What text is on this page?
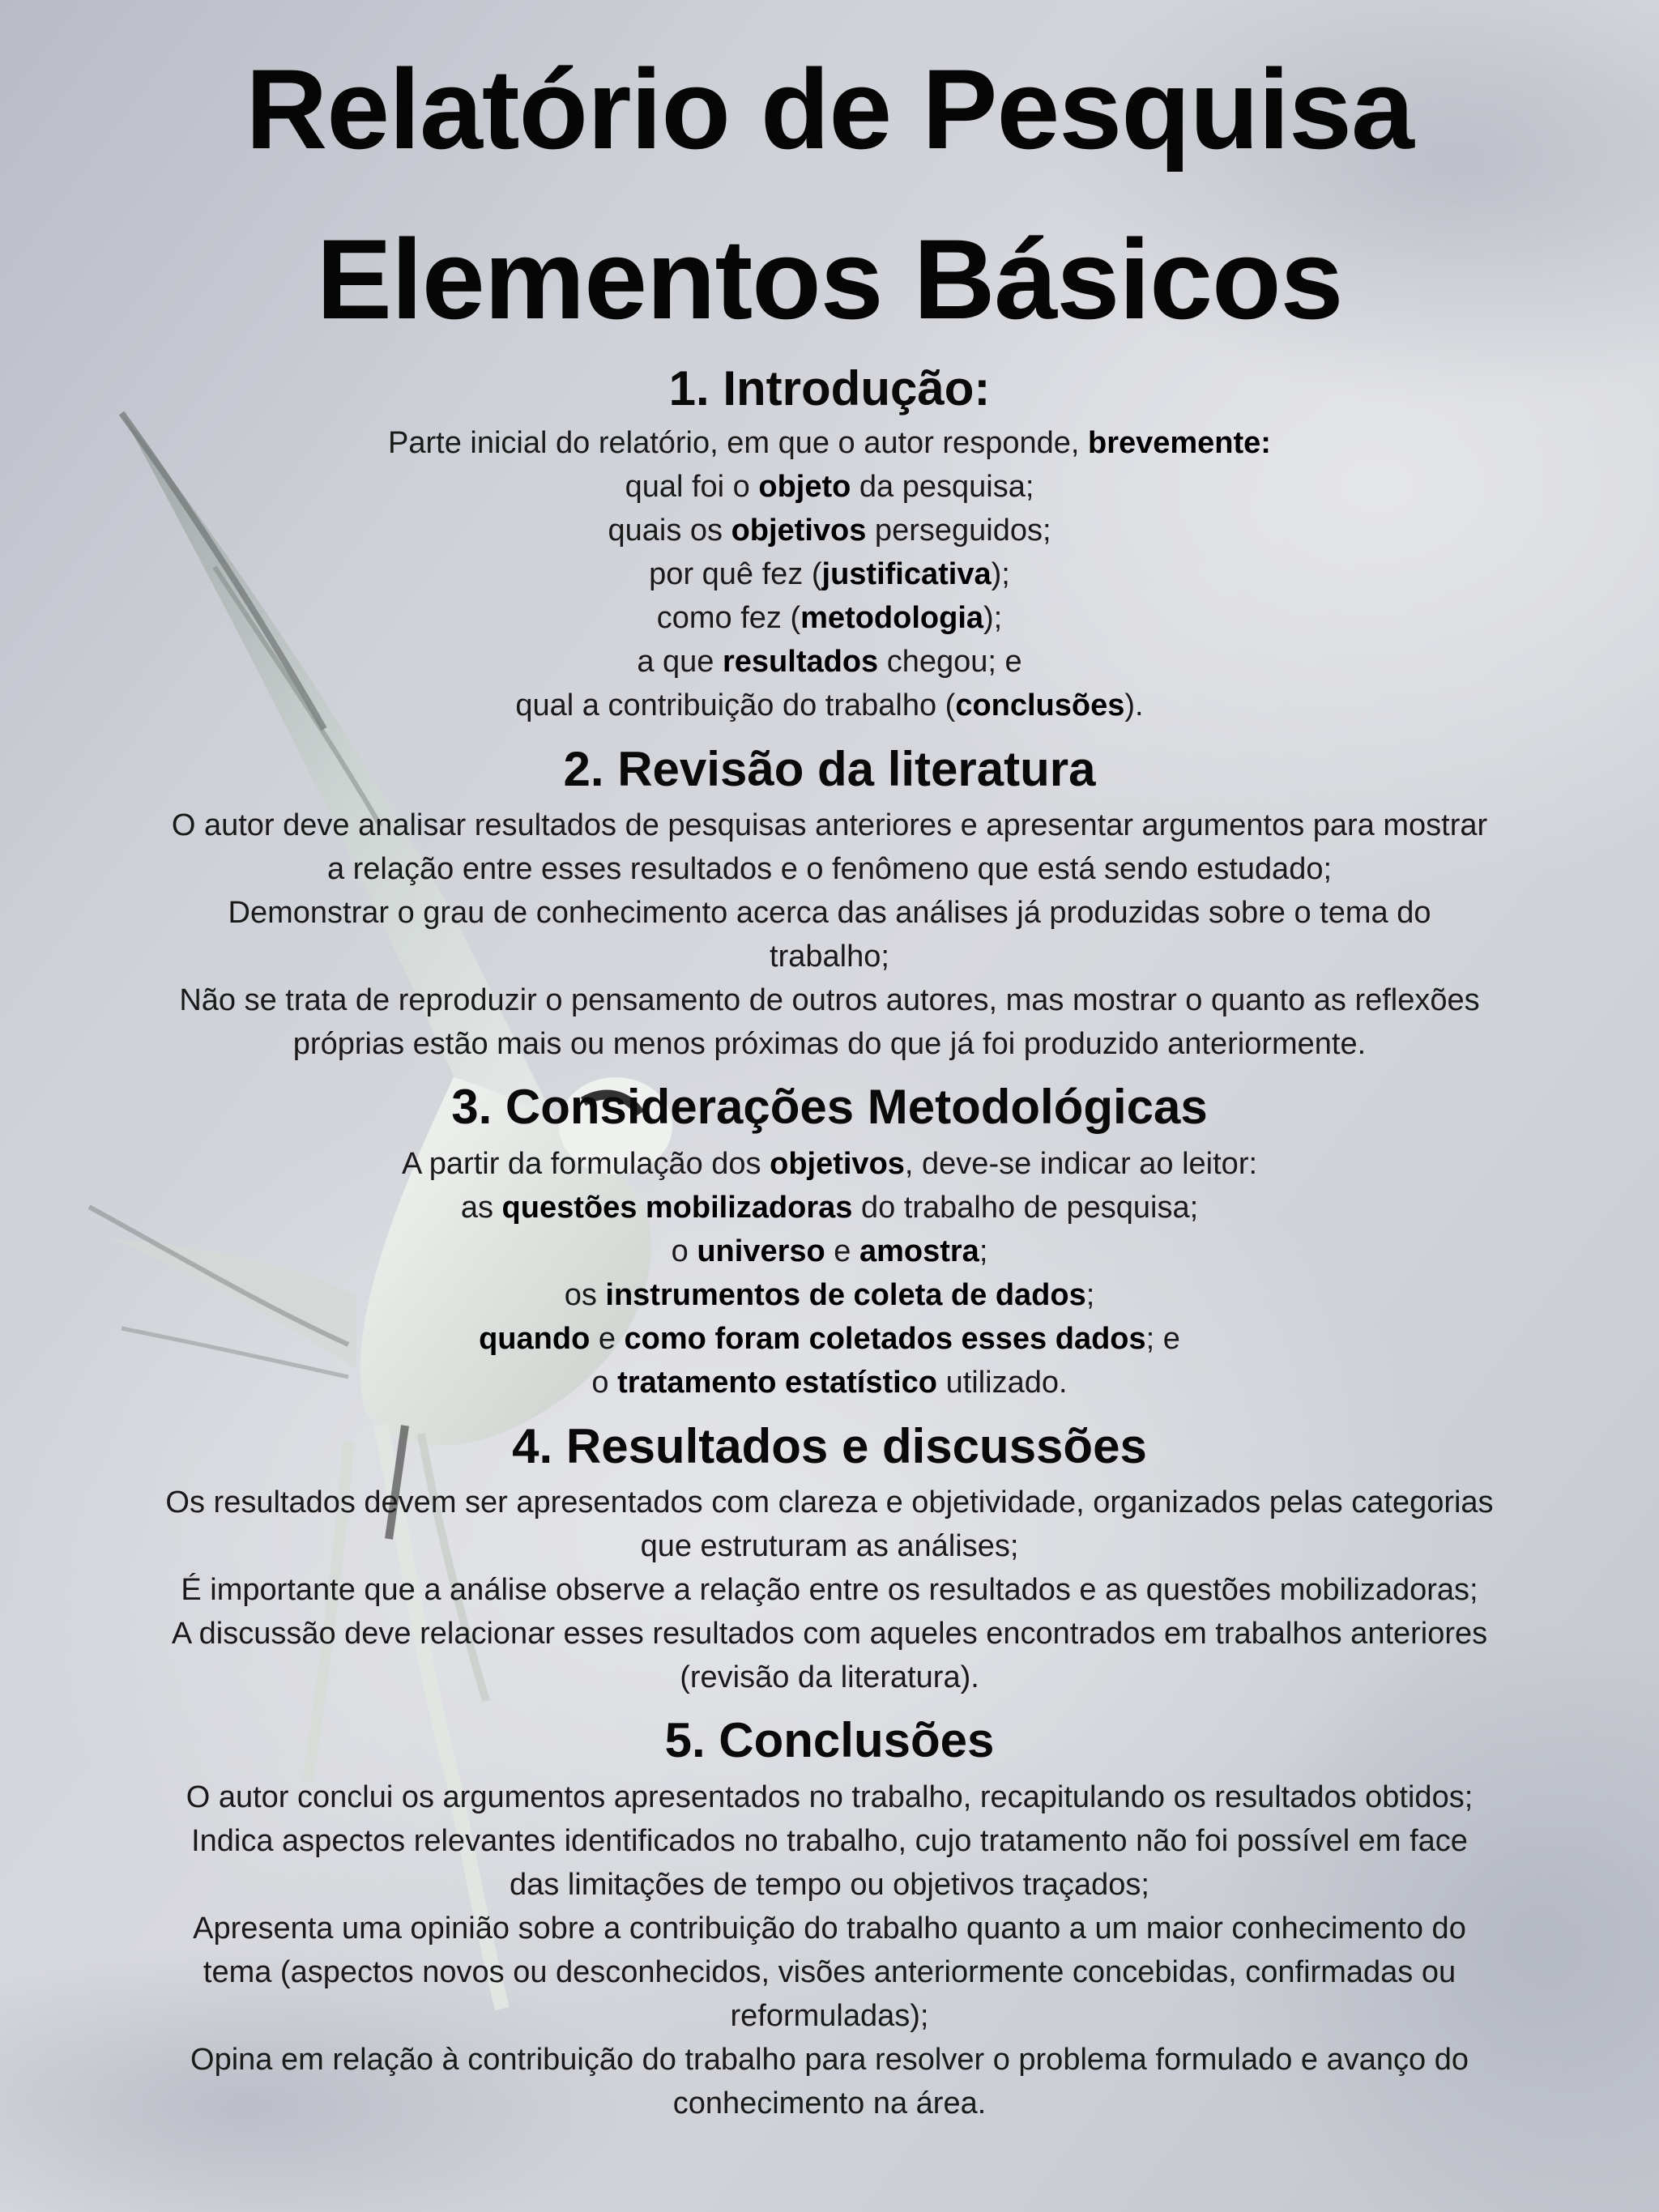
Relatório de Pesquisa
Elementos Básicos
1. Introdução:

Parte inicial do relatório, em que o autor responde, brevemente:

qual foi o objeto da pesquisa;

quais os objetivos perseguidos;

por quê fez (justificativa);

como fez (metodologia);

a que resultados chegou; e

qual a contribuição do trabalho (conclusões).

2. Revisão da literatura

O autor deve analisar resultados de pesquisas anteriores e apresentar argumentos para mostrar

a relação entre esses resultados e o fenômeno que está sendo estudado;

Demonstrar o grau de conhecimento acerca das análises já produzidas sobre o tema do

trabalho;

Não se trata de reproduzir o pensamento de outros autores, mas mostrar o quanto as reflexões

próprias estão mais ou menos próximas do que já foi produzido anteriormente.

3. Considerações Metodológicas

A partir da formulação dos objetivos, deve-se indicar ao leitor:

as questões mobilizadoras do trabalho de pesquisa;

o universo e amostra;

os instrumentos de coleta de dados;

quando e como foram coletados esses dados; e

o tratamento estatístico utilizado.

4. Resultados e discussões

Os resultados devem ser apresentados com clareza e objetividade, organizados pelas categorias

que estruturam as análises;

É importante que a análise observe a relação entre os resultados e as questões mobilizadoras;

A discussão deve relacionar esses resultados com aqueles encontrados em trabalhos anteriores

(revisão da literatura).

5. Conclusões

O autor conclui os argumentos apresentados no trabalho, recapitulando os resultados obtidos;

Indica aspectos relevantes identificados no trabalho, cujo tratamento não foi possível em face

das limitações de tempo ou objetivos traçados;

Apresenta uma opinião sobre a contribuição do trabalho quanto a um maior conhecimento do

tema (aspectos novos ou desconhecidos, visões anteriormente concebidas, confirmadas ou

reformuladas);

Opina em relação à contribuição do trabalho para resolver o problema formulado e avanço do

conhecimento na área.
